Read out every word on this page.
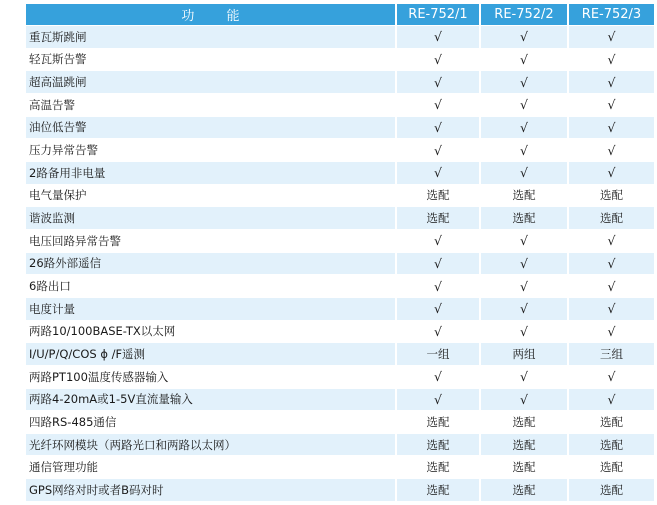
功 能	RE-752/1	RE-752/2	RE-752/3
重瓦斯跳闸	√	√	√
轻瓦斯告警	√	√	√
超高温跳闸	√	√	√
高温告警	√	√	√
油位低告警	√	√	√
压力异常告警	√	√	√
2路备用非电量	√	√	√
电气量保护	选配	选配	选配
谐波监测	选配	选配	选配
电压回路异常告警	√	√	√
26路外部遥信	√	√	√
6路出口	√	√	√
电度计量	√	√	√
两路10/100BASE-TX以太网	√	√	√
I/U/P/Q/COS ϕ /F遥测	一组	两组	三组
两路PT100温度传感器输入	√	√	√
两路4-20mA或1-5V直流量输入	√	√	√
四路RS-485通信	选配	选配	选配
光纤环网模块（两路光口和两路以太网）	选配	选配	选配
通信管理功能	选配	选配	选配
GPS网络对时或者B码对时	选配	选配	选配
